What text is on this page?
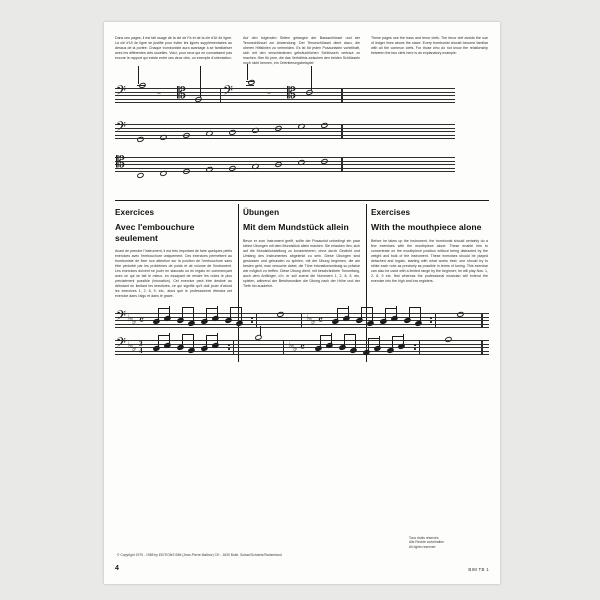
Dans ces pages, il est fait usage de la clé de Fa et de la clé d'Ut 4e ligne. La clé d'Ut 4e ligne se justifie pour éviter les lignes supplémentaires au dessus de la portée. Chaque tromboniste aura avantage à se familiariser avec les différentes clés usuelles. Voici, pour ceux qui ne connaissent pas encore le rapport qui existe entre ces deux clés, un exemple d'orientation:
Auf den folgenden Seiten gelangen der Bassschlüssel und der Tenorschlüssel zur Anwendung. Der Tenorschlüssel dient dazu, die oberen Hilfslinien zu vermeiden. Es ist für jeden Posaunisten vorteilhaft, sich mit den verschiedenen gebräuchlichen Schlüsseln vertraut zu machen. Hier für jene, die das Verhältnis zwischen den beiden Schlüsseln noch nicht kennen, ein Orientierungsbeispiel:
These pages use the bass and tenor clefs. The tenor clef avoids the use of ledger lines above the stave. Every trombonist should become familiar with all the common clefs. For those who do not know the relationship between the two clefs here is an explanatory example:
𝄢	= 𝄡 𝄢	= 𝄡
𝄢
𝄡
Exercices
Avec l'embouchure seulement
Avant de prendre l'instrument, il est très important de faire quelques petits exercices avec l'embouchure uniquement. Ces exercices permettent au tromboniste de fixer son attention sur la position de l'embouchure sans être perturbé par les problèmes de poids et de volume de l'instrument. Les exercices doivent se jouer en staccato ou en legato en commençant avec ce qui se fait le mieux, en essayant de rendre les notes le plus précisément possible (intonation). Cet exercice peut être destiné au débutant en limitant les tessitures, ce qui signifie qu'il doit jouer d'abord les exercices 1, 2, 8, 9, etc., alors que le professionnel étendra cet exercice dans l'aigu et dans le grave.
Übungen
Mit dem Mundstück allein
Bevor er zum Instrument greift, sollte der Posaunist unbedingt ein paar kleine Übungen mit dem Mundstück allein machen. Sie erlauben ihm, sich auf die Mundstückstellung zu konzentrieren, ohne durch Gewicht und Umfang des Instrumentes abgelenkt zu sein. Diese Übungen sind gestossen und gebunden zu spielen, mit der Übung beginnen, die am besten geht; man versuche dabei, die Töne intonationsmässig so präzise wie möglich zu treffen. Diese Übung dient, mit beschränktem Tonumfang, auch dem Anfänger, d.h. er soll zuerst die Nummern 1, 2, 8, 9, etc. spielen, während der Berufsmusiker die Übung nach der Höhe und der Tiefe hin ausdehnt.
Exercises
With the mouthpiece alone
Before he takes up the instrument, the trombonist should certainly do a few exercises with the mouthpiece alone. These enable him to concentrate on the mouthpiece position without being distracted by the weight and bulk of the instrument. These exercises should be played detached and legato, starting with what works best; one should try to strike each note as precisely as possible in terms of tuning. This exercise can also be used with a limited range by the beginner; he will play Nos. 1, 2, 8, 9 etc. first whereas the professional musician will extend the exercise into the high and low registers.
𝄢 ♭ ♭ 𝄴	♭ ♭ 𝄴
𝄢 ♭ ♭
3
4	♭ ♭ 𝄴
Tous droits réservés
Alle Rechte vorbehalten
All rights reserved
© Copyright 1979 - 1985 by EDITIONS BIM (Jean-Pierre Mathez) CH - 1630 Bulle, Suisse/Schweiz/Switzerland
4	BIM TB 1
